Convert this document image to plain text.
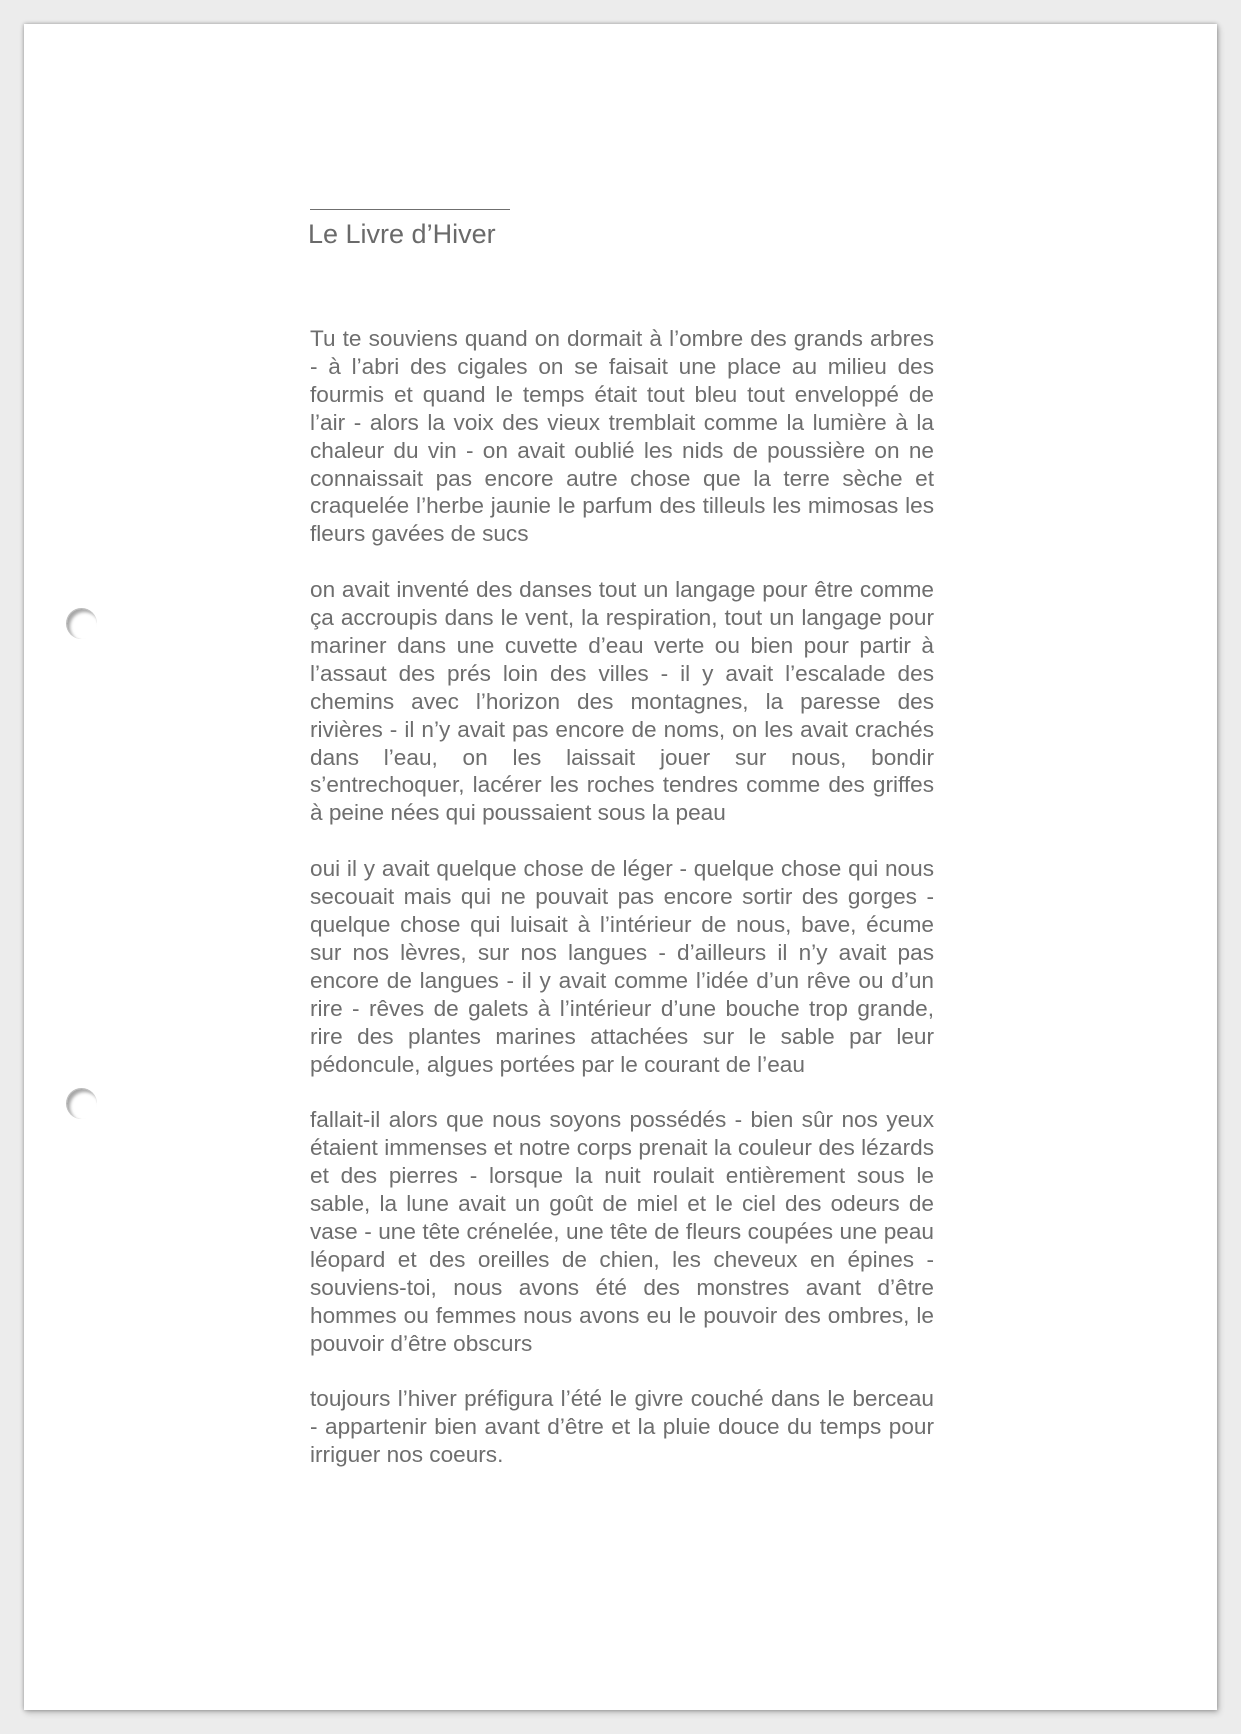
Le Livre d’Hiver

Tu te souviens quand on dormait à l’ombre des grands arbres - à l’abri des cigales on se faisait une place au milieu des fourmis et quand le temps était tout bleu tout enveloppé de l’air - alors la voix des vieux tremblait comme la lumière à la chaleur du vin - on avait oublié les nids de poussière on ne connaissait pas encore autre chose que la terre sèche et craquelée l’herbe jaunie le parfum des tilleuls les mimosas les fleurs gavées de sucs

on avait inventé des danses tout un langage pour être comme ça accroupis dans le vent, la respiration, tout un langage pour mariner dans une cuvette d’eau verte ou bien pour partir à l’assaut des prés loin des villes - il y avait l’escalade des chemins avec l’horizon des montagnes, la paresse des rivières - il n’y avait pas encore de noms, on les avait crachés dans l’eau, on les laissait jouer sur nous, bondir s’entrechoquer, lacérer les roches tendres comme des griffes à peine nées qui poussaient sous la peau

oui il y avait quelque chose de léger - quelque chose qui nous secouait mais qui ne pouvait pas encore sortir des gorges - quelque chose qui luisait à l’intérieur de nous, bave, écume sur nos lèvres, sur nos langues - d’ailleurs il n’y avait pas encore de langues - il y avait comme l’idée d’un rêve ou d’un rire - rêves de galets à l’intérieur d’une bouche trop grande, rire des plantes marines attachées sur le sable par leur pédoncule, algues portées par le courant de l’eau

fallait-il alors que nous soyons possédés - bien sûr nos yeux étaient immenses et notre corps prenait la couleur des lézards et des pierres - lorsque la nuit roulait entièrement sous le sable, la lune avait un goût de miel et le ciel des odeurs de vase - une tête crénelée, une tête de fleurs coupées une peau léopard et des oreilles de chien, les cheveux en épines - souviens-toi, nous avons été des monstres avant d’être hommes ou femmes nous avons eu le pouvoir des ombres, le pouvoir d’être obscurs

toujours l’hiver préfigura l’été le givre couché dans le berceau - appartenir bien avant d’être et la pluie douce du temps pour irriguer nos coeurs.
